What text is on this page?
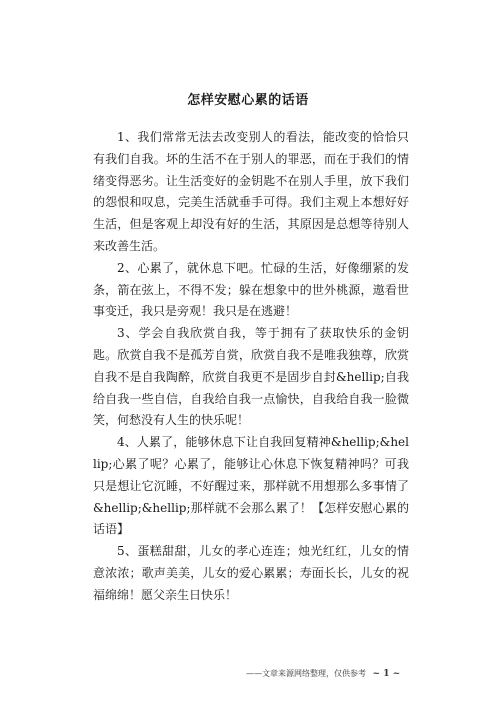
怎样安慰心累的话语

1、我们常常无法去改变别人的看法，能改变的恰恰只有我们自我。坏的生活不在于别人的罪恶，而在于我们的情绪变得恶劣。让生活变好的金钥匙不在别人手里，放下我们的怨恨和叹息，完美生活就垂手可得。我们主观上本想好好生活，但是客观上却没有好的生活，其原因是总想等待别人来改善生活。

2、心累了，就休息下吧。忙碌的生活，好像绷紧的发条，箭在弦上，不得不发；躲在想象中的世外桃源，遨看世事变迁，我只是旁观！我只是在逃避！

3、学会自我欣赏自我，等于拥有了获取快乐的金钥匙。欣赏自我不是孤芳自赏，欣赏自我不是唯我独尊，欣赏自我不是自我陶醉，欣赏自我更不是固步自封&hellip;自我给自我一些自信，自我给自我一点愉快，自我给自我一脸微笑，何愁没有人生的快乐呢！

4、人累了，能够休息下让自我回复精神&hellip;&hellip;心累了呢？心累了，能够让心休息下恢复精神吗？可我只是想让它沉睡，不好醒过来，那样就不用想那么多事情了&hellip;&hellip;那样就不会那么累了！【怎样安慰心累的话语】

5、蛋糕甜甜，儿女的孝心连连；烛光红红，儿女的情意浓浓；歌声美美，儿女的爱心累累；寿面长长，儿女的祝福绵绵！愿父亲生日快乐！

——文章来源网络整理，仅供参考 ~ 1 ~
